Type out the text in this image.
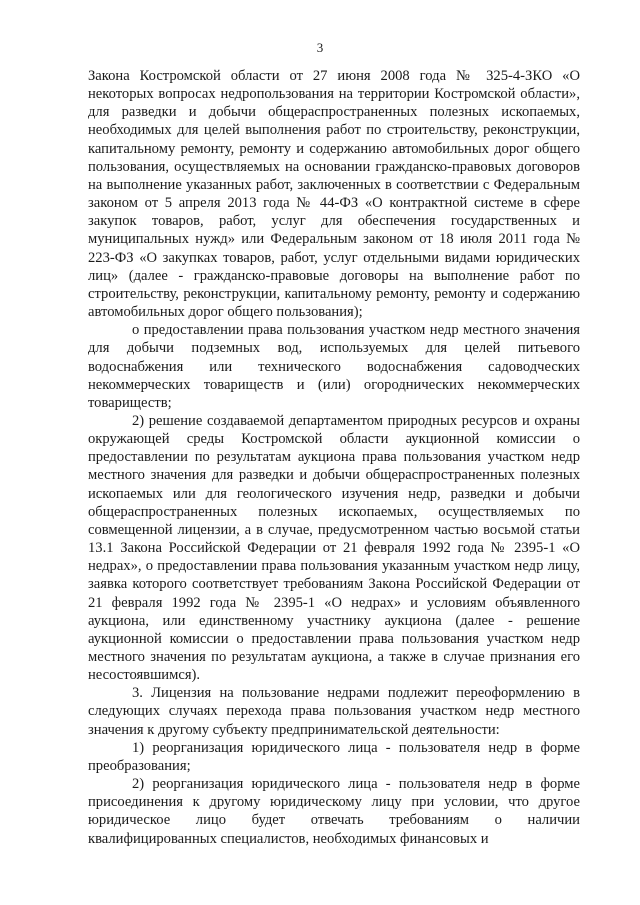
3

Закона Костромской области от 27 июня 2008 года № 325-4-ЗКО «О некоторых вопросах недропользования на территории Костромской области», для разведки и добычи общераспространенных полезных ископаемых, необходимых для целей выполнения работ по строительству, реконструкции, капитальному ремонту, ремонту и содержанию автомобильных дорог общего пользования, осуществляемых на основании гражданско-правовых договоров на выполнение указанных работ, заключенных в соответствии с Федеральным законом от 5 апреля 2013 года № 44-ФЗ «О контрактной системе в сфере закупок товаров, работ, услуг для обеспечения государственных и муниципальных нужд» или Федеральным законом от 18 июля 2011 года № 223-ФЗ «О закупках товаров, работ, услуг отдельными видами юридических лиц» (далее - гражданско-правовые договоры на выполнение работ по строительству, реконструкции, капитальному ремонту, ремонту и содержанию автомобильных дорог общего пользования);

о предоставлении права пользования участком недр местного значения для добычи подземных вод, используемых для целей питьевого водоснабжения или технического водоснабжения садоводческих некоммерческих товариществ и (или) огороднических некоммерческих товариществ;

2) решение создаваемой департаментом природных ресурсов и охраны окружающей среды Костромской области аукционной комиссии о предоставлении по результатам аукциона права пользования участком недр местного значения для разведки и добычи общераспространенных полезных ископаемых или для геологического изучения недр, разведки и добычи общераспространенных полезных ископаемых, осуществляемых по совмещенной лицензии, а в случае, предусмотренном частью восьмой статьи 13.1 Закона Российской Федерации от 21 февраля 1992 года № 2395-1 «О недрах», о предоставлении права пользования указанным участком недр лицу, заявка которого соответствует требованиям Закона Российской Федерации от 21 февраля 1992 года № 2395-1 «О недрах» и условиям объявленного аукциона, или единственному участнику аукциона (далее - решение аукционной комиссии о предоставлении права пользования участком недр местного значения по результатам аукциона, а также в случае признания его несостоявшимся).

3. Лицензия на пользование недрами подлежит переоформлению в следующих случаях перехода права пользования участком недр местного значения к другому субъекту предпринимательской деятельности:

1) реорганизация юридического лица - пользователя недр в форме преобразования;

2) реорганизация юридического лица - пользователя недр в форме присоединения к другому юридическому лицу при условии, что другое юридическое лицо будет отвечать требованиям о наличии квалифицированных специалистов, необходимых финансовых и
